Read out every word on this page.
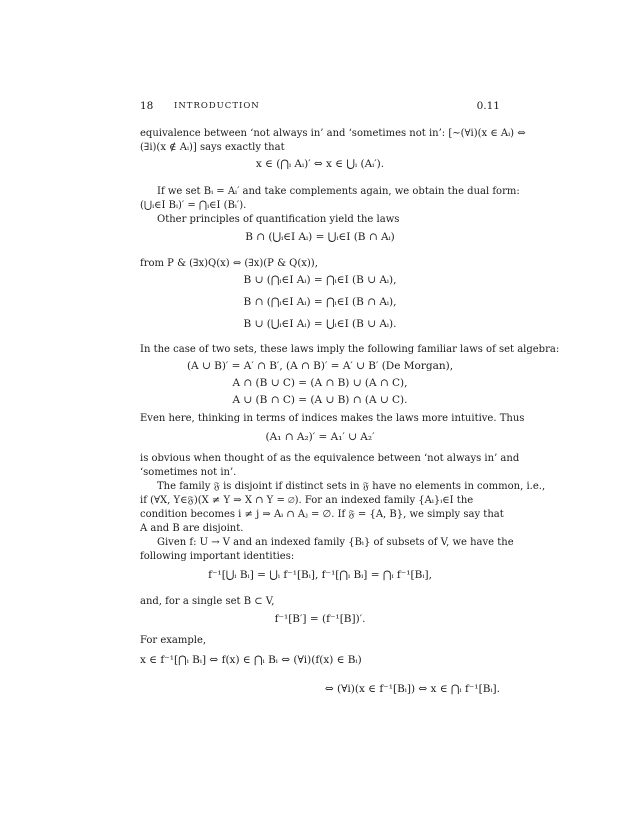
18 INTRODUCTION	0.11
equivalence between ‘not always in’ and ‘sometimes not in’: [∼(∀i)(x ∈ Aᵢ) ⇔
(∃i)(x ∉ Aᵢ)] says exactly that
x ∈ (⋂ᵢ Aᵢ)′ ⇔ x ∈ ⋃ᵢ (Aᵢ′).
If we set Bᵢ = Aᵢ′ and take complements again, we obtain the dual form:
(⋃ᵢ∈I Bᵢ)′ = ⋂ᵢ∈I (Bᵢ′).
Other principles of quantification yield the laws
B ∩ (⋃ᵢ∈I Aᵢ) = ⋃ᵢ∈I (B ∩ Aᵢ)
from P & (∃x)Q(x) ⇔ (∃x)(P & Q(x)),
B ∪ (⋂ᵢ∈I Aᵢ) = ⋂ᵢ∈I (B ∪ Aᵢ),
B ∩ (⋂ᵢ∈I Aᵢ) = ⋂ᵢ∈I (B ∩ Aᵢ),
B ∪ (⋃ᵢ∈I Aᵢ) = ⋃ᵢ∈I (B ∪ Aᵢ).
In the case of two sets, these laws imply the following familiar laws of set algebra:
(A ∪ B)′ = A′ ∩ B′, (A ∩ B)′ = A′ ∪ B′ (De Morgan),
A ∩ (B ∪ C) = (A ∩ B) ∪ (A ∩ C),
A ∪ (B ∩ C) = (A ∪ B) ∩ (A ∪ C).
Even here, thinking in terms of indices makes the laws more intuitive. Thus
(A₁ ∩ A₂)′ = A₁′ ∪ A₂′
is obvious when thought of as the equivalence between ‘not always in’ and
‘sometimes not in’.
The family 𝔉 is disjoint if distinct sets in 𝔉 have no elements in common, i.e.,
if (∀X, Y∈𝔉)(X ≠ Y ⇒ X ∩ Y = ∅). For an indexed family {Aᵢ}ᵢ∈I the
condition becomes i ≠ j ⇒ Aᵢ ∩ Aⱼ = ∅. If 𝔉 = {A, B}, we simply say that
A and B are disjoint.
Given f: U → V and an indexed family {Bᵢ} of subsets of V, we have the
following important identities:
f⁻¹[⋃ᵢ Bᵢ] = ⋃ᵢ f⁻¹[Bᵢ], f⁻¹[⋂ᵢ Bᵢ] = ⋂ᵢ f⁻¹[Bᵢ],
and, for a single set B ⊂ V,
f⁻¹[B′] = (f⁻¹[B])′.
For example,
x ∈ f⁻¹[⋂ᵢ Bᵢ] ⇔ f(x) ∈ ⋂ᵢ Bᵢ ⇔ (∀i)(f(x) ∈ Bᵢ)
⇔ (∀i)(x ∈ f⁻¹[Bᵢ]) ⇔ x ∈ ⋂ᵢ f⁻¹[Bᵢ].
